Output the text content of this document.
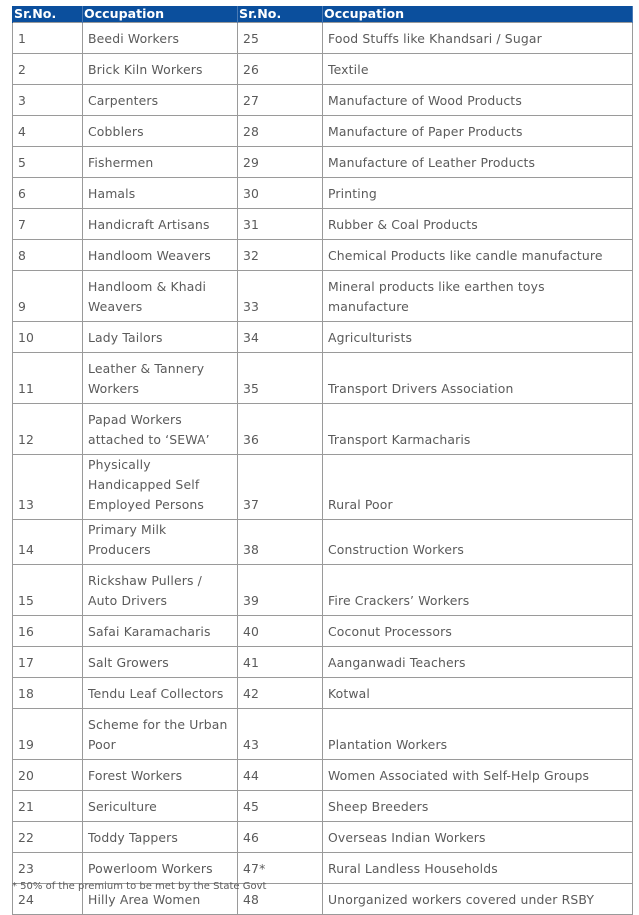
Sr.No.	Occupation	Sr.No.	Occupation
1	Beedi Workers	25	Food Stuffs like Khandsari / Sugar
2	Brick Kiln Workers	26	Textile
3	Carpenters	27	Manufacture of Wood Products
4	Cobblers	28	Manufacture of Paper Products
5	Fishermen	29	Manufacture of Leather Products
6	Hamals	30	Printing
7	Handicraft Artisans	31	Rubber & Coal Products
8	Handloom Weavers	32	Chemical Products like candle manufacture
9	Handloom & Khadi Weavers	33	Mineral products like earthen toys manufacture
10	Lady Tailors	34	Agriculturists
11	Leather & Tannery Workers	35	Transport Drivers Association
12	Papad Workers attached to ‘SEWA’	36	Transport Karmacharis
13	Physically Handicapped Self Employed Persons	37	Rural Poor
14	Primary Milk Producers	38	Construction Workers
15	Rickshaw Pullers / Auto Drivers	39	Fire Crackers’ Workers
16	Safai Karamacharis	40	Coconut Processors
17	Salt Growers	41	Aanganwadi Teachers
18	Tendu Leaf Collectors	42	Kotwal
19	Scheme for the Urban Poor	43	Plantation Workers
20	Forest Workers	44	Women Associated with Self-Help Groups
21	Sericulture	45	Sheep Breeders
22	Toddy Tappers	46	Overseas Indian Workers
23	Powerloom Workers	47*	Rural Landless Households
24	Hilly Area Women	48	Unorganized workers covered under RSBY
* 50% of the premium to be met by the State Govt
